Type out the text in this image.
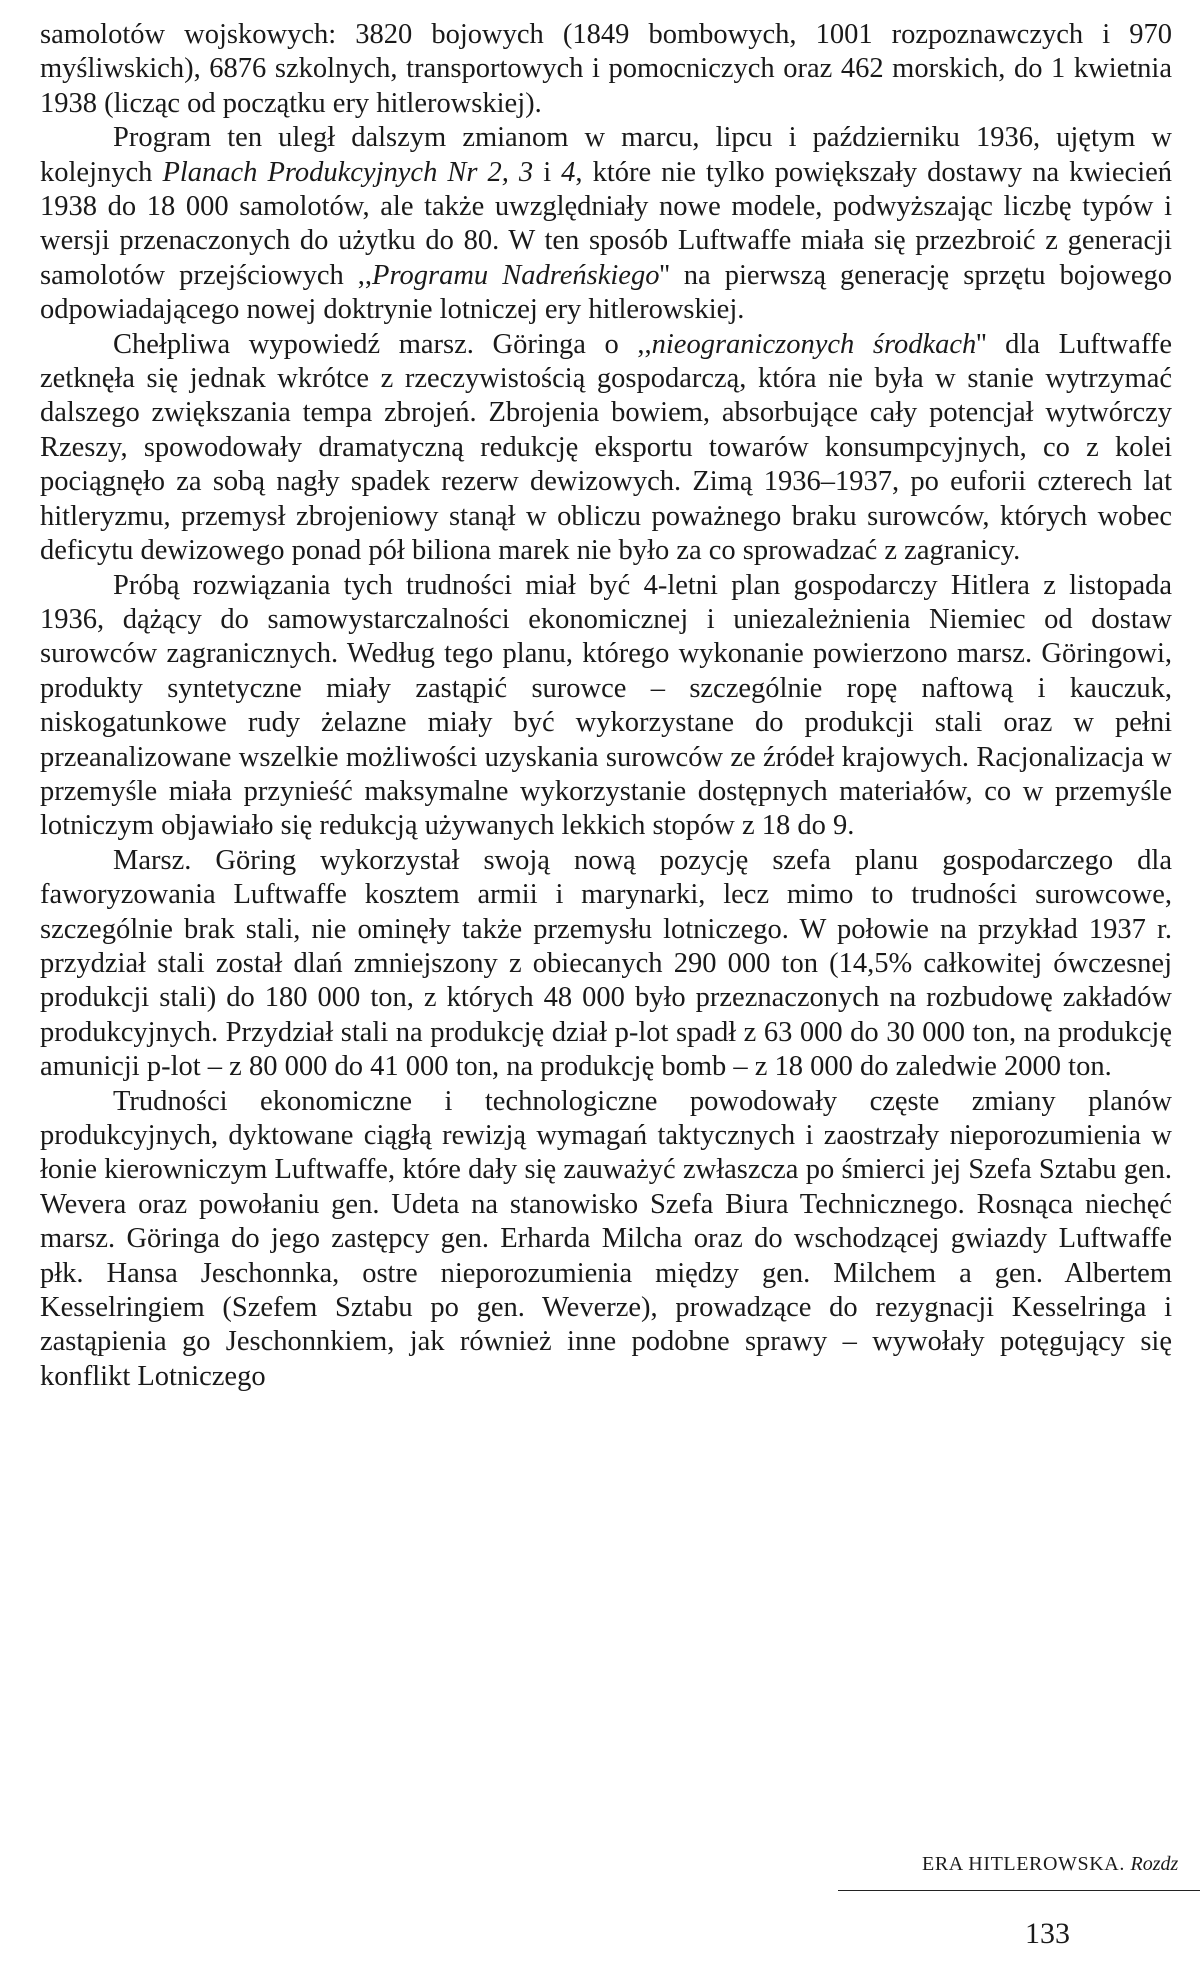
samolotów wojskowych: 3820 bojowych (1849 bombowych, 1001 rozpoznawczych i 970 myśliwskich), 6876 szkolnych, transportowych i pomocniczych oraz 462 morskich, do 1 kwietnia 1938 (licząc od początku ery hitlerowskiej).

Program ten uległ dalszym zmianom w marcu, lipcu i październiku 1936, ujętym w kolejnych Planach Produkcyjnych Nr 2, 3 i 4, które nie tylko powiększały dostawy na kwiecień 1938 do 18 000 samolotów, ale także uwzględniały nowe modele, podwyższając liczbę typów i wersji przenaczonych do użytku do 80. W ten sposób Luftwaffe miała się przezbroić z generacji samolotów przejściowych ,,Programu Nadreńskiego'' na pierwszą generację sprzętu bojowego odpowiadającego nowej doktrynie lotniczej ery hitlerowskiej.

Chełpliwa wypowiedź marsz. Göringa o ,,nieograniczonych środkach'' dla Luftwaffe zetknęła się jednak wkrótce z rzeczywistością gospodarczą, która nie była w stanie wytrzymać dalszego zwiększania tempa zbrojeń. Zbrojenia bowiem, absorbujące cały potencjał wytwórczy Rzeszy, spowodowały dramatyczną redukcję eksportu towarów konsumpcyjnych, co z kolei pociągnęło za sobą nagły spadek rezerw dewizowych. Zimą 1936–1937, po euforii czterech lat hitleryzmu, przemysł zbrojeniowy stanął w obliczu poważnego braku surowców, których wobec deficytu dewizowego ponad pół biliona marek nie było za co sprowadzać z zagranicy.

Próbą rozwiązania tych trudności miał być 4-letni plan gospodarczy Hitlera z listopada 1936, dążący do samowystarczalności ekonomicznej i uniezależnienia Niemiec od dostaw surowców zagranicznych. Według tego planu, którego wykonanie powierzono marsz. Göringowi, produkty syntetyczne miały zastąpić surowce – szczególnie ropę naftową i kauczuk, niskogatunkowe rudy żelazne miały być wykorzystane do produkcji stali oraz w pełni przeanalizowane wszelkie możliwości uzyskania surowców ze źródeł krajowych. Racjonalizacja w przemyśle miała przynieść maksymalne wykorzystanie dostępnych materiałów, co w przemyśle lotniczym objawiało się redukcją używanych lekkich stopów z 18 do 9.

Marsz. Göring wykorzystał swoją nową pozycję szefa planu gospodarczego dla faworyzowania Luftwaffe kosztem armii i marynarki, lecz mimo to trudności surowcowe, szczególnie brak stali, nie ominęły także przemysłu lotniczego. W połowie na przykład 1937 r. przydział stali został dlań zmniejszony z obiecanych 290 000 ton (14,5% całkowitej ówczesnej produkcji stali) do 180 000 ton, z których 48 000 było przeznaczonych na rozbudowę zakładów produkcyjnych. Przydział stali na produkcję dział p-lot spadł z 63 000 do 30 000 ton, na produkcję amunicji p-lot – z 80 000 do 41 000 ton, na produkcję bomb – z 18 000 do zaledwie 2000 ton.

Trudności ekonomiczne i technologiczne powodowały częste zmiany planów produkcyjnych, dyktowane ciągłą rewizją wymagań taktycznych i zaostrzały nieporozumienia w łonie kierowniczym Luftwaffe, które dały się zauważyć zwłaszcza po śmierci jej Szefa Sztabu gen. Wevera oraz powołaniu gen. Udeta na stanowisko Szefa Biura Technicznego. Rosnąca niechęć marsz. Göringa do jego zastępcy gen. Erharda Milcha oraz do wschodzącej gwiazdy Luftwaffe płk. Hansa Jeschonnka, ostre nieporozumienia między gen. Milchem a gen. Albertem Kesselringiem (Szefem Sztabu po gen. Weverze), prowadzące do rezygnacji Kesselringa i zastąpienia go Jeschonnkiem, jak również inne podobne sprawy – wywołały potęgujący się konflikt Lotniczego

ERA HITLEROWSKA. Rozdz
133
